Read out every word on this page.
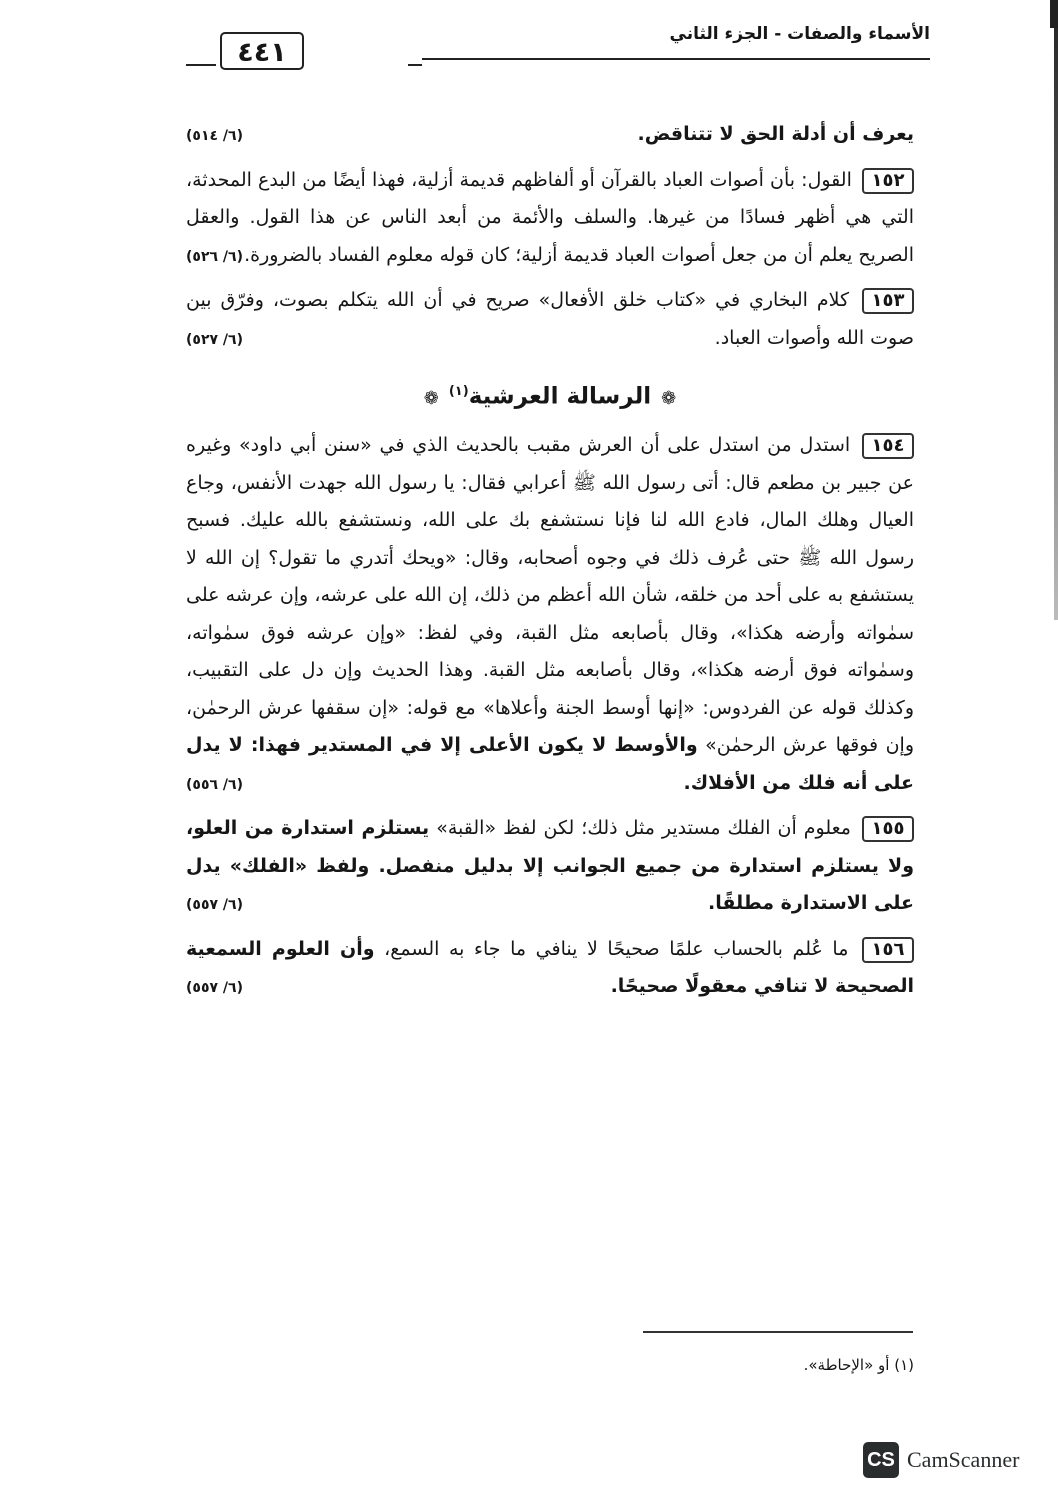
الأسماء والصفات - الجزء الثاني
٤٤١
(٦/ ٥١٤)	يعرف أن أدلة الحق لا تتناقض.
١٥٢ القول: بأن أصوات العباد بالقرآن أو ألفاظهم قديمة أزلية، فهذا أيضًا من البدع المحدثة، التي هي أظهر فسادًا من غيرها. والسلف والأئمة من أبعد الناس عن هذا القول. والعقل الصريح يعلم أن من جعل أصوات العباد قديمة أزلية؛ كان قوله معلوم الفساد بالضرورة.
(٦/ ٥٢٦)
١٥٣ كلام البخاري في «كتاب خلق الأفعال» صريح في أن الله يتكلم بصوت، وفرّق بين صوت الله وأصوات العباد.
(٦/ ٥٢٧)
❁الرسالة العرشية$^{(١)}$❁
١٥٤ استدل من استدل على أن العرش مقبب بالحديث الذي في «سنن أبي داود» وغيره عن جبير بن مطعم قال: أتى رسول الله ﷺ أعرابي فقال: يا رسول الله جهدت الأنفس، وجاع العيال وهلك المال، فادع الله لنا فإنا نستشفع بك على الله، ونستشفع بالله عليك. فسبح رسول الله ﷺ حتى عُرف ذلك في وجوه أصحابه، وقال: «ويحك أتدري ما تقول؟ إن الله لا يستشفع به على أحد من خلقه، شأن الله أعظم من ذلك، إن الله على عرشه، وإن عرشه على سمٰواته وأرضه هكذا»، وقال بأصابعه مثل القبة، وفي لفظ: «وإن عرشه فوق سمٰواته، وسمٰواته فوق أرضه هكذا»، وقال بأصابعه مثل القبة. وهذا الحديث وإن دل على التقبيب، وكذلك قوله عن الفردوس: «إنها أوسط الجنة وأعلاها» مع قوله: «إن سقفها عرش الرحمٰن، وإن فوقها عرش الرحمٰن» والأوسط لا يكون الأعلى إلا في المستدير فهذا: لا يدل على أنه فلك من الأفلاك.
(٦/ ٥٥٦)
١٥٥ معلوم أن الفلك مستدير مثل ذلك؛ لكن لفظ «القبة» يستلزم استدارة من العلو، ولا يستلزم استدارة من جميع الجوانب إلا بدليل منفصل. ولفظ «الفلك» يدل على الاستدارة مطلقًا.
(٦/ ٥٥٧)
١٥٦ ما عُلم بالحساب علمًا صحيحًا لا ينافي ما جاء به السمع، وأن العلوم السمعية الصحيحة لا تنافي معقولًا صحيحًا.
(٦/ ٥٥٧)
(١) أو «الإحاطة».
CS CamScanner
